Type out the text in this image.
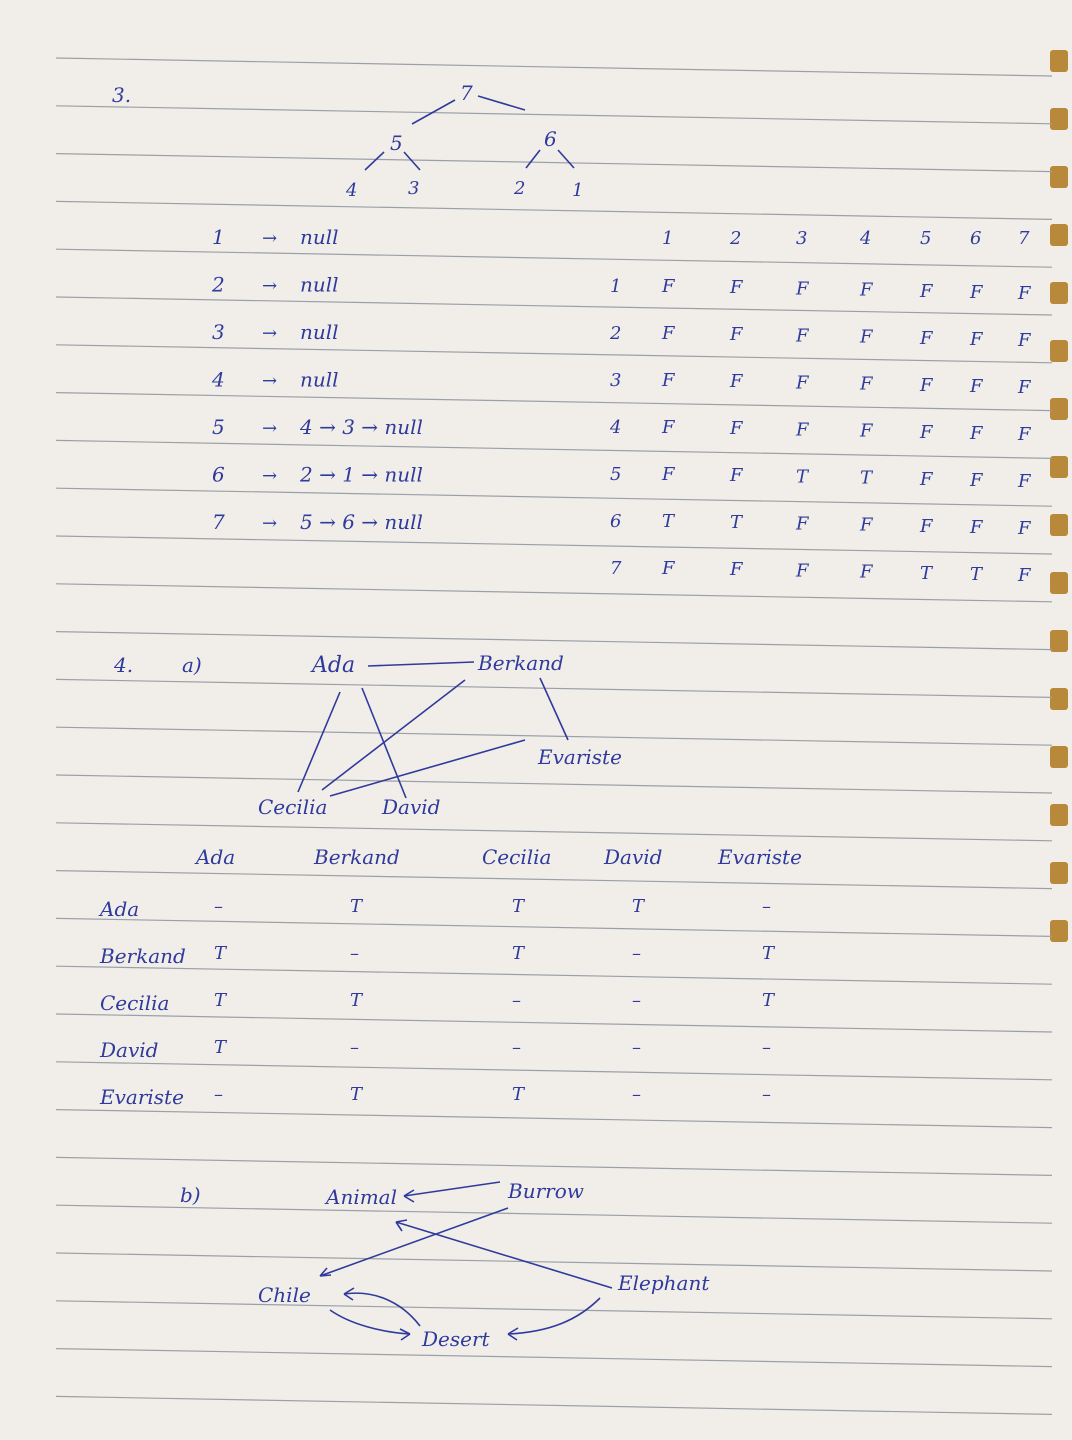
3.	7
5	6
4	3	2	1
1 → null
2 → null
3 → null
4 → null
5 → 4 → 3 → null
6 → 2 → 1 → null
7 → 5 → 6 → null
1	2	3	4	5 6 7
1 F	F	F	F	F F F
2 F	F	F	F	F F F
3 F	F	F	F	F F F
4 F	F	F	F	F F F
5 F	F	T	T	F F F
6 T	T	F	F	F F F
7 F	F	F	F	T T F
4. a)	Ada	Berkand
Evariste
Cecilia	David
Ada	Berkand	Cecilia	David	Evariste
Ada	–	T	T	T	–
Berkand T	–	T	–	T
Cecilia T	T	–	–	T
David	T	–	–	–	–
Evariste –	T	T	–	–
b)	Animal	Burrow
Chile
Desert
Elephant
